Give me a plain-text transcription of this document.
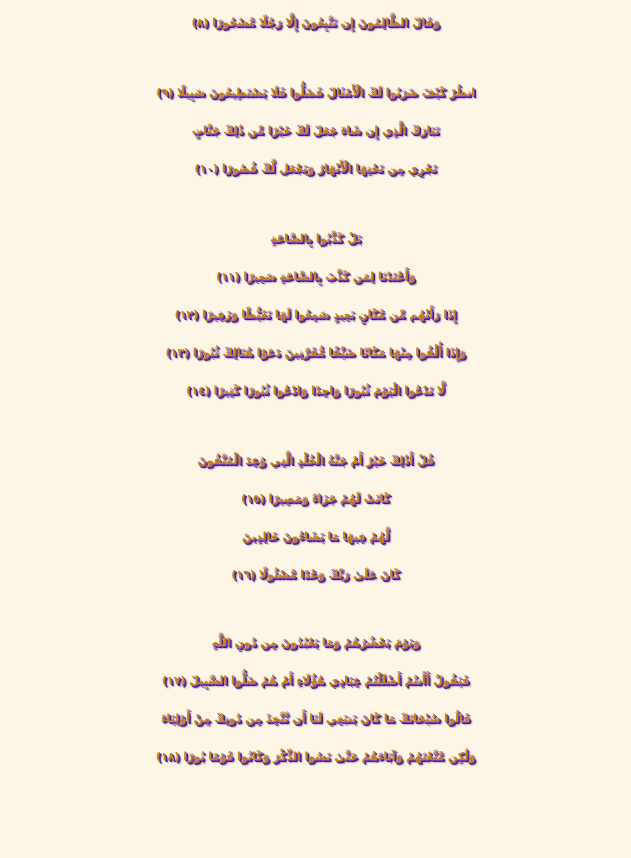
وَقَالَ الظَّالِمُونَ إِن تَتَّبِعُونَ إِلَّا رَجُلًا مَّسْحُورًا (٨)
انظُرْ كَيْفَ ضَرَبُوا لَكَ الْأَمْثَالَ فَضَلُّوا فَلَا يَسْتَطِيعُونَ سَبِيلًا (٩)
تَبَارَكَ الَّذِي إِن شَاءَ جَعَلَ لَكَ خَيْرًا مِّن ذَٰلِكَ جَنَّاتٍ
تَجْرِي مِن تَحْتِهَا الْأَنْهَارُ وَيَجْعَل لَّكَ قُصُورًا (١٠)
بَلْ كَذَّبُوا بِالسَّاعَةِ
وَأَعْتَدْنَا لِمَن كَذَّبَ بِالسَّاعَةِ سَعِيرًا (١١)
إِذَا رَأَتْهُم مِّن مَّكَانٍ بَعِيدٍ سَمِعُوا لَهَا تَغَيُّظًا وَزَفِيرًا (١٢)
وَإِذَا أُلْقُوا مِنْهَا مَكَانًا ضَيِّقًا مُّقَرَّنِينَ دَعَوْا هُنَالِكَ ثُبُورًا (١٣)
لَّا تَدْعُوا الْيَوْمَ ثُبُورًا وَاحِدًا وَادْعُوا ثُبُورًا كَثِيرًا (١٤)
قُلْ أَذَٰلِكَ خَيْرٌ أَمْ جَنَّةُ الْخُلْدِ الَّتِي وُعِدَ الْمُتَّقُونَ
كَانَتْ لَهُمْ جَزَاءً وَمَصِيرًا (١٥)
لَّهُمْ فِيهَا مَا يَشَاءُونَ خَالِدِينَ
كَانَ عَلَىٰ رَبِّكَ وَعْدًا مَّسْئُولًا (١٦)
وَيَوْمَ يَحْشُرُهُمْ وَمَا يَعْبُدُونَ مِن دُونِ اللَّهِ
فَيَقُولُ أَأَنتُمْ أَضْلَلْتُمْ عِبَادِي هَٰؤُلَاءِ أَمْ هُمْ ضَلُّوا السَّبِيلَ (١٧)
قَالُوا سُبْحَانَكَ مَا كَانَ يَنبَغِي لَنَا أَن نَّتَّخِذَ مِن دُونِكَ مِنْ أَوْلِيَاءَ
وَلَٰكِن مَّتَّعْتَهُمْ وَآبَاءَهُمْ حَتَّىٰ نَسُوا الذِّكْرَ وَكَانُوا قَوْمًا بُورًا (١٨)
